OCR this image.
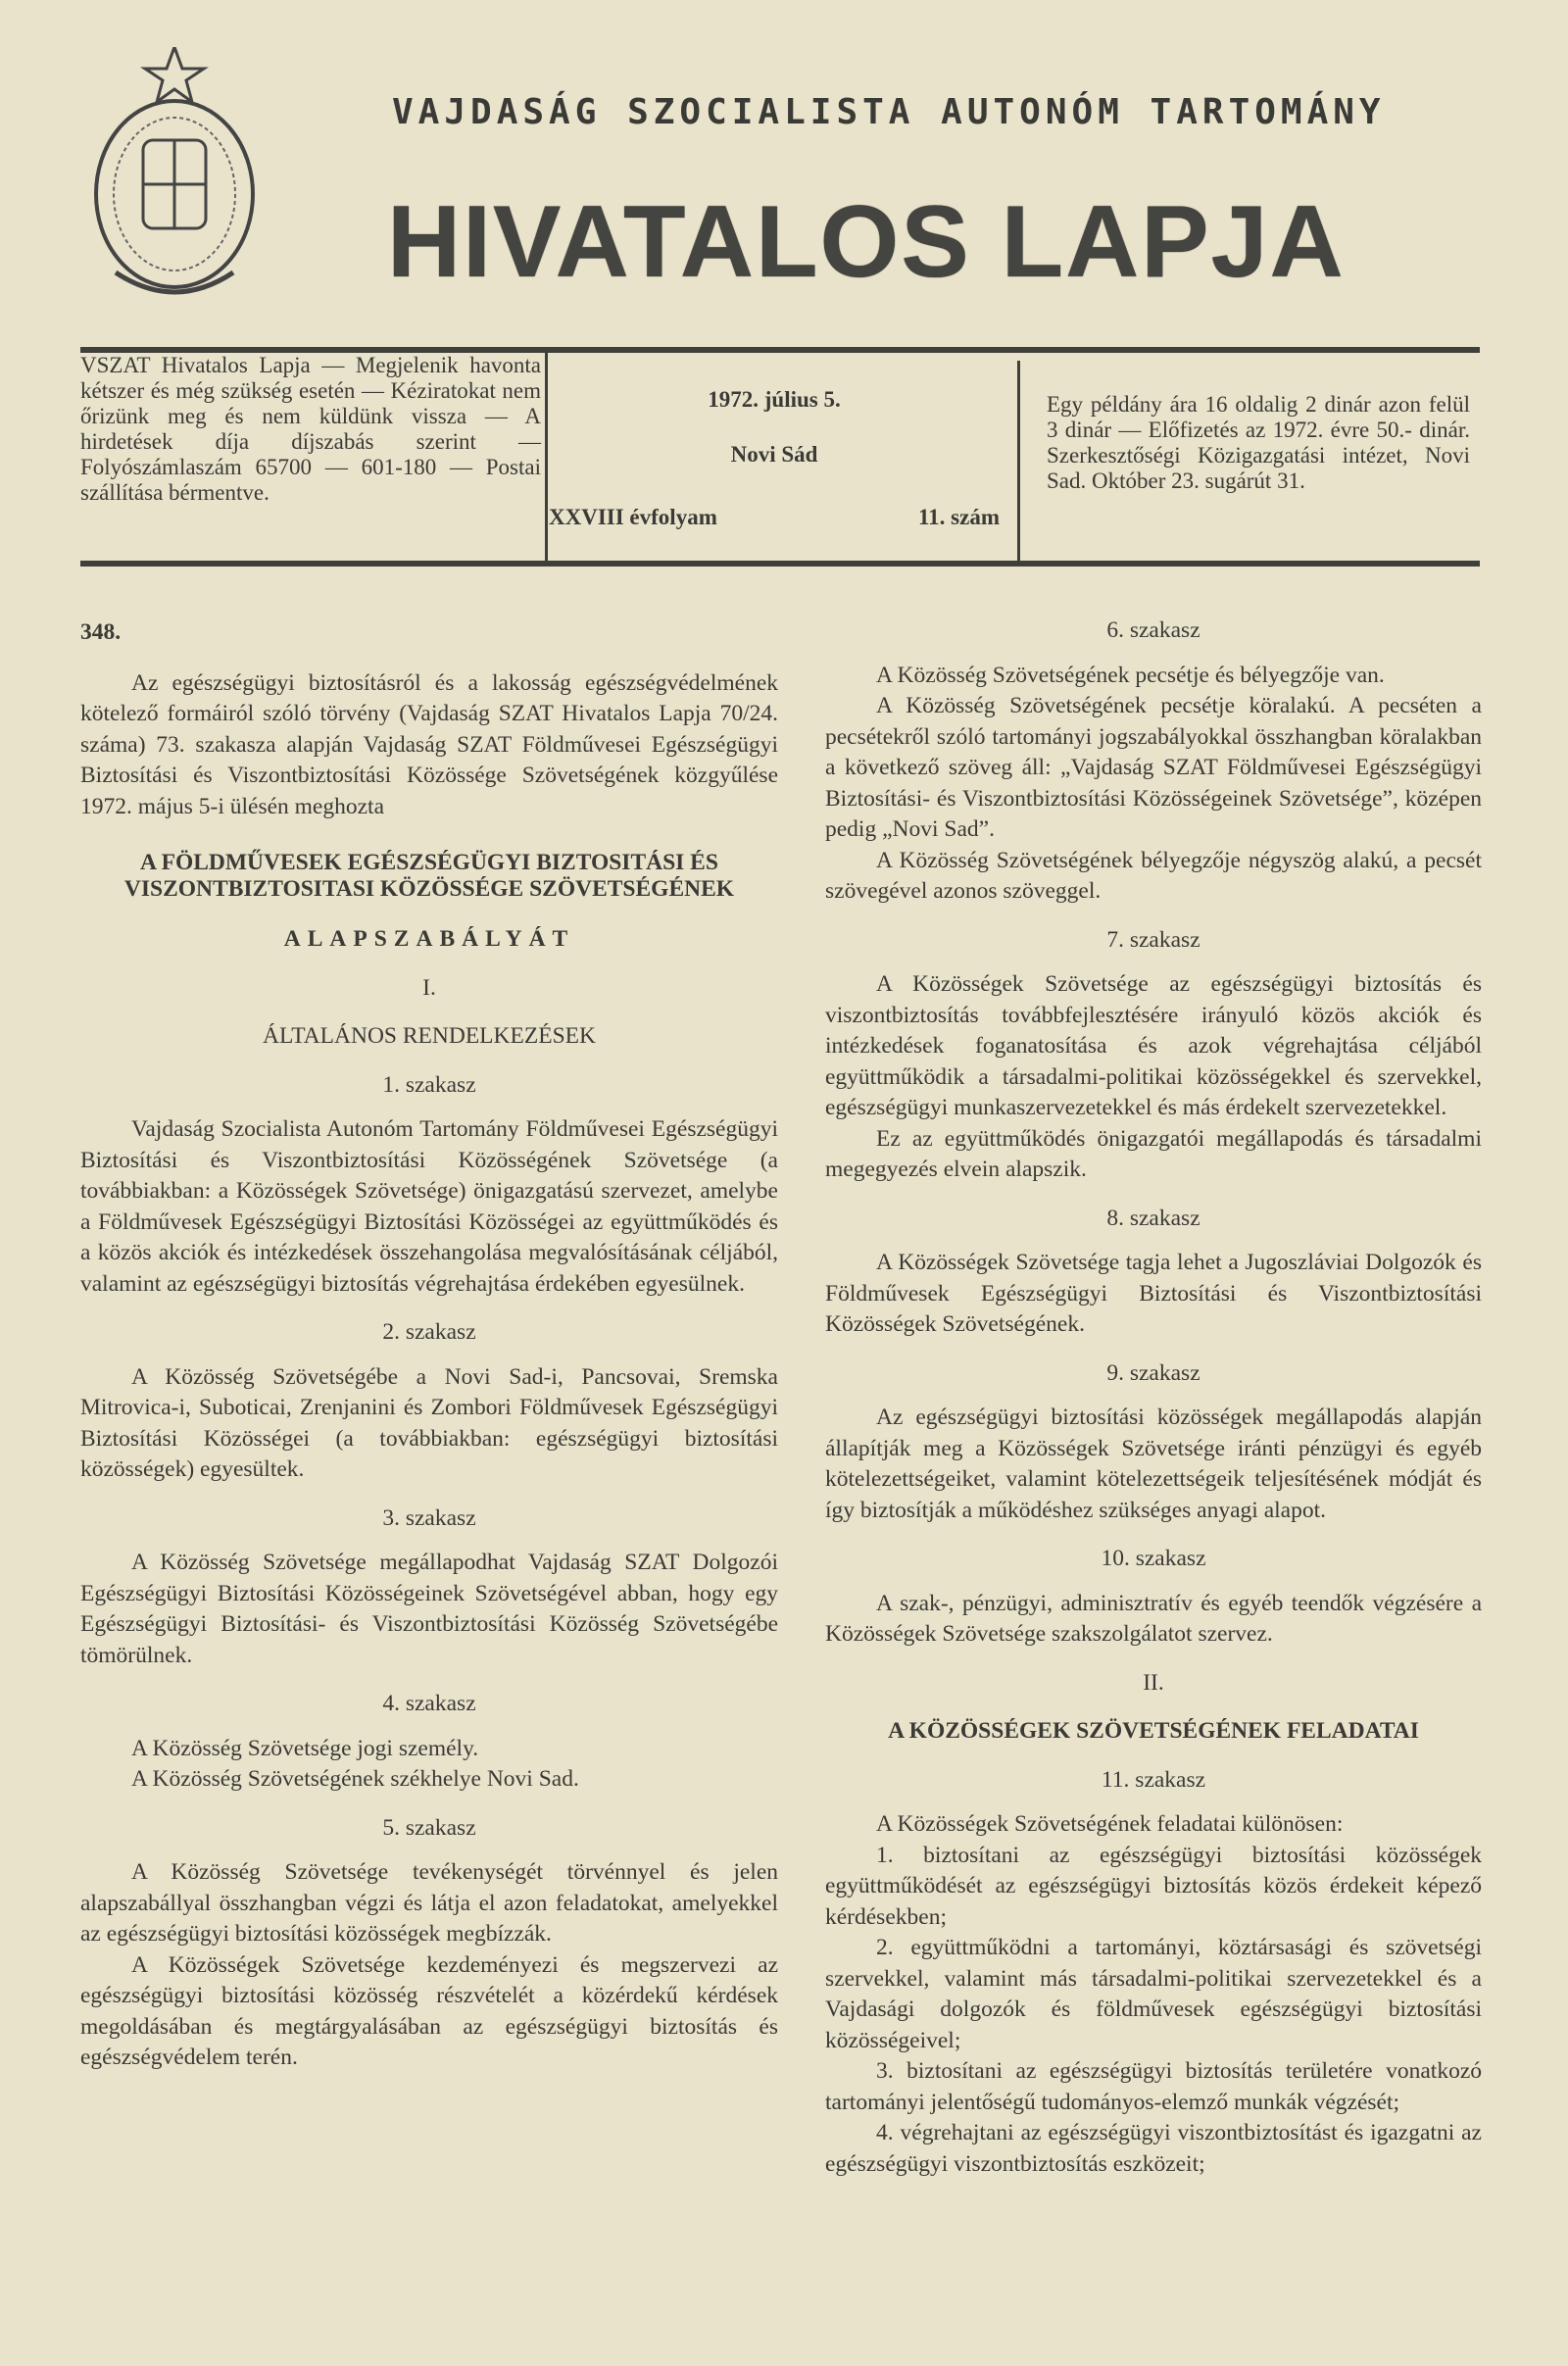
VAJDASÁG SZOCIALISTA AUTONÓM TARTOMÁNY
HIVATALOS LAPJA
VSZAT Hivatalos Lapja — Megjelenik havonta kétszer és még szükség esetén — Kéziratokat nem őrizünk meg és nem küldünk vissza — A hirdetések díja díjszabás szerint — Folyószámlaszám 65700 — 601-180 — Postai szállítása bérmentve.
1972. július 5.
Novi Sád
XXVIII évfolyam	11. szám
Egy példány ára 16 oldalig 2 dinár azon felül 3 dinár — Előfizetés az 1972. évre 50.- dinár. Szerkesztőségi Közigazgatási intézet, Novi Sad. Október 23. sugárút 31.
348.

Az egészségügyi biztosításról és a lakosság egészségvédelmének kötelező formáiról szóló törvény (Vajdaság SZAT Hivatalos Lapja 70/24. száma) 73. szakasza alapján Vajdaság SZAT Földművesei Egészségügyi Biztosítási és Viszontbiztosítási Közössége Szövetségének közgyűlése 1972. május 5-i ülésén meghozta

A FÖLDMŰVESEK EGÉSZSÉGÜGYI BIZTOSITÁSI ÉS VISZONTBIZTOSITASI KÖZÖSSÉGE SZÖVETSÉGÉNEK
ALAPSZABÁLYÁT
I.
ÁLTALÁNOS RENDELKEZÉSEK
1. szakasz

Vajdaság Szocialista Autonóm Tartomány Földművesei Egészségügyi Biztosítási és Viszontbiztosítási Közösségének Szövetsége (a továbbiakban: a Közösségek Szövetsége) önigazgatású szervezet, amelybe a Földművesek Egészségügyi Biztosítási Közösségei az együttműködés és a közös akciók és intézkedések összehangolása megvalósításának céljából, valamint az egészségügyi biztosítás végrehajtása érdekében egyesülnek.

2. szakasz

A Közösség Szövetségébe a Novi Sad-i, Pancsovai, Sremska Mitrovica-i, Suboticai, Zrenjanini és Zombori Földművesek Egészségügyi Biztosítási Közösségei (a továbbiakban: egészségügyi biztosítási közösségek) egyesültek.

3. szakasz

A Közösség Szövetsége megállapodhat Vajdaság SZAT Dolgozói Egészségügyi Biztosítási Közösségeinek Szövetségével abban, hogy egy Egészségügyi Biztosítási- és Viszontbiztosítási Közösség Szövetségébe tömörülnek.

4. szakasz

A Közösség Szövetsége jogi személy.

A Közösség Szövetségének székhelye Novi Sad.

5. szakasz

A Közösség Szövetsége tevékenységét törvénnyel és jelen alapszabállyal összhangban végzi és látja el azon feladatokat, amelyekkel az egészségügyi biztosítási közösségek megbízzák.

A Közösségek Szövetsége kezdeményezi és megszervezi az egészségügyi biztosítási közösség részvételét a közérdekű kérdések megoldásában és megtárgyalásában az egészségügyi biztosítás és egészségvédelem terén.

6. szakasz

A Közösség Szövetségének pecsétje és bélyegzője van.

A Közösség Szövetségének pecsétje köralakú. A pecséten a pecsétekről szóló tartományi jogszabályokkal összhangban köralakban a következő szöveg áll: „Vajdaság SZAT Földművesei Egészségügyi Biztosítási- és Viszontbiztosítási Közösségeinek Szövetsége”, középen pedig „Novi Sad”.

A Közösség Szövetségének bélyegzője négyszög alakú, a pecsét szövegével azonos szöveggel.

7. szakasz

A Közösségek Szövetsége az egészségügyi biztosítás és viszontbiztosítás továbbfejlesztésére irányuló közös akciók és intézkedések foganatosítása és azok végrehajtása céljából együttműködik a társadalmi-politikai közösségekkel és szervekkel, egészségügyi munkaszervezetekkel és más érdekelt szervezetekkel.

Ez az együttműködés önigazgatói megállapodás és társadalmi megegyezés elvein alapszik.

8. szakasz

A Közösségek Szövetsége tagja lehet a Jugoszláviai Dolgozók és Földművesek Egészségügyi Biztosítási és Viszontbiztosítási Közösségek Szövetségének.

9. szakasz

Az egészségügyi biztosítási közösségek megállapodás alapján állapítják meg a Közösségek Szövetsége iránti pénzügyi és egyéb kötelezettségeiket, valamint kötelezettségeik teljesítésének módját és így biztosítják a működéshez szükséges anyagi alapot.

10. szakasz

A szak-, pénzügyi, adminisztratív és egyéb teendők végzésére a Közösségek Szövetsége szakszolgálatot szervez.

II.
A KÖZÖSSÉGEK SZÖVETSÉGÉNEK FELADATAI
11. szakasz

A Közösségek Szövetségének feladatai különösen:

1. biztosítani az egészségügyi biztosítási közösségek együttműködését az egészségügyi biztosítás közös érdekeit képező kérdésekben;

2. együttműködni a tartományi, köztársasági és szövetségi szervekkel, valamint más társadalmi-politikai szervezetekkel és a Vajdasági dolgozók és földművesek egészségügyi biztosítási közösségeivel;

3. biztosítani az egészségügyi biztosítás területére vonatkozó tartományi jelentőségű tudományos-elemző munkák végzését;

4. végrehajtani az egészségügyi viszontbiztosítást és igazgatni az egészségügyi viszontbiztosítás eszközeit;
